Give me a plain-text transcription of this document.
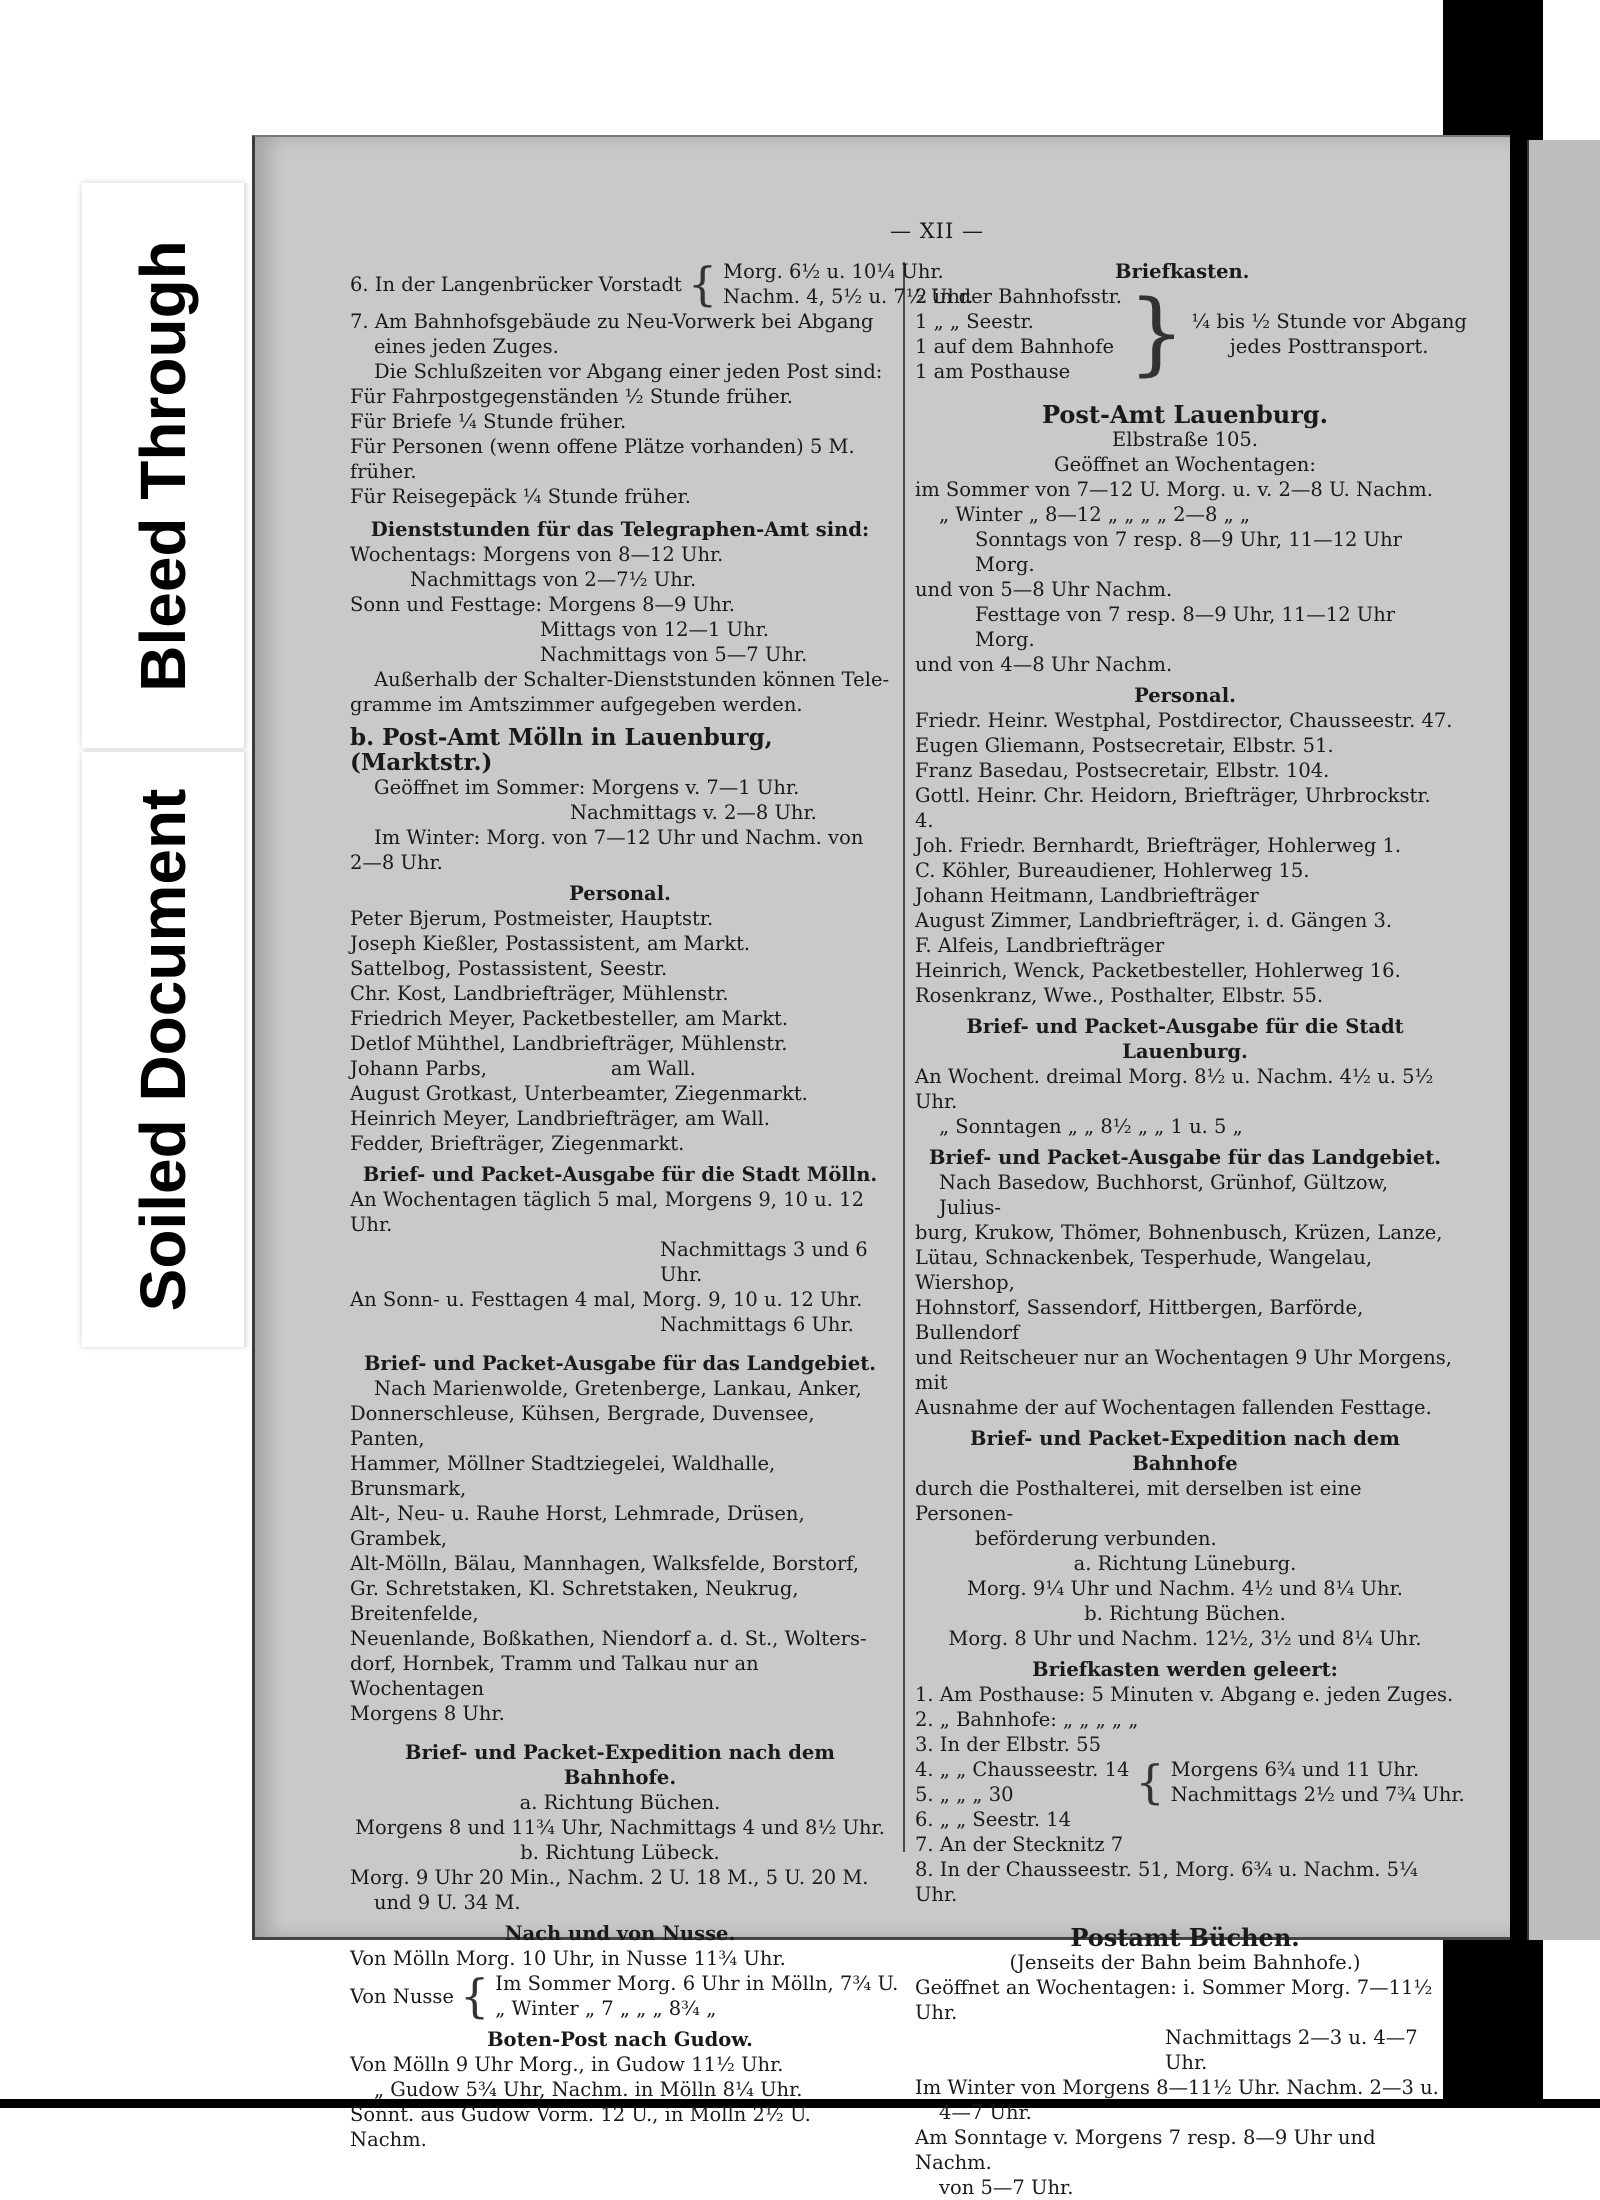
Bleed Through
Soiled Document
— XII —
6. In der Langenbrücker Vorstadt { Morg. 6½ u. 10¼ Uhr.
Nachm. 4, 5½ u. 7½ Uhr.

7. Am Bahnhofsgebäude zu Neu-Vorwerk bei Abgang

eines jeden Zuges.

Die Schlußzeiten vor Abgang einer jeden Post sind:

Für Fahrpostgegenständen ½ Stunde früher.

Für Briefe ¼ Stunde früher.

Für Personen (wenn offene Plätze vorhanden) 5 M. früher.

Für Reisegepäck ¼ Stunde früher.

Dienststunden für das Telegraphen-Amt sind:

Wochentags: Morgens von 8—12 Uhr.

Nachmittags von 2—7½ Uhr.

Sonn und Festtage: Morgens 8—9 Uhr.

Mittags von 12—1 Uhr.

Nachmittags von 5—7 Uhr.

Außerhalb der Schalter-Dienststunden können Tele-

gramme im Amtszimmer aufgegeben werden.

b. Post-Amt Mölln in Lauenburg, (Marktstr.)

Geöffnet im Sommer: Morgens v. 7—1 Uhr.

Nachmittags v. 2—8 Uhr.

Im Winter: Morg. von 7—12 Uhr und Nachm. von

2—8 Uhr.

Personal.

Peter Bjerum, Postmeister, Hauptstr.

Joseph Kießler, Postassistent, am Markt.

Sattelbog, Postassistent, Seestr.

Chr. Kost, Landbriefträger, Mühlenstr.

Friedrich Meyer, Packetbesteller, am Markt.

Detlof Mühthel, Landbriefträger, Mühlenstr.

Johann Parbs,                    am Wall.

August Grotkast, Unterbeamter, Ziegenmarkt.

Heinrich Meyer, Landbriefträger, am Wall.

Fedder, Briefträger, Ziegenmarkt.

Brief- und Packet-Ausgabe für die Stadt Mölln.

An Wochentagen täglich 5 mal, Morgens 9, 10 u. 12 Uhr.

Nachmittags 3 und 6 Uhr.

An Sonn- u. Festtagen 4 mal, Morg. 9, 10 u. 12 Uhr.

Nachmittags 6 Uhr.

Brief- und Packet-Ausgabe für das Landgebiet.

Nach Marienwolde, Gretenberge, Lankau, Anker,

Donnerschleuse, Kühsen, Bergrade, Duvensee, Panten,

Hammer, Möllner Stadtziegelei, Waldhalle, Brunsmark,

Alt-, Neu- u. Rauhe Horst, Lehmrade, Drüsen, Grambek,

Alt-Mölln, Bälau, Mannhagen, Walksfelde, Borstorf,

Gr. Schretstaken, Kl. Schretstaken, Neukrug, Breitenfelde,

Neuenlande, Boßkathen, Niendorf a. d. St., Wolters-

dorf, Hornbek, Tramm und Talkau nur an Wochentagen

Morgens 8 Uhr.

Brief- und Packet-Expedition nach dem Bahnhofe.

a. Richtung Büchen.

Morgens 8 und 11¾ Uhr, Nachmittags 4 und 8½ Uhr.

b. Richtung Lübeck.

Morg. 9 Uhr 20 Min., Nachm. 2 U. 18 M., 5 U. 20 M.

und 9 U. 34 M.

Nach und von Nusse.

Von Mölln Morg. 10 Uhr, in Nusse 11¾ Uhr.

Von Nusse { Im Sommer Morg. 6 Uhr in Mölln, 7¾ U.
„ Winter „ 7 „ „ „ 8¾ „

Boten-Post nach Gudow.

Von Mölln 9 Uhr Morg., in Gudow 11½ Uhr.

„ Gudow 5¾ Uhr, Nachm. in Mölln 8¼ Uhr.

Sonnt. aus Gudow Vorm. 12 U., in Mölln 2½ U. Nachm.

Briefkasten.

2 in der Bahnhofsstr.
1 „ „ Seestr.
1 auf dem Bahnhofe
1 am Posthause } ¼ bis ½ Stunde vor Abgang
jedes Posttransport.

Post-Amt Lauenburg.

Elbstraße 105.

Geöffnet an Wochentagen:

im Sommer von 7—12 U. Morg. u. v. 2—8 U. Nachm.

„ Winter „ 8—12 „ „ „ „ 2—8 „ „

Sonntags von 7 resp. 8—9 Uhr, 11—12 Uhr Morg.

und von 5—8 Uhr Nachm.

Festtage von 7 resp. 8—9 Uhr, 11—12 Uhr Morg.

und von 4—8 Uhr Nachm.

Personal.

Friedr. Heinr. Westphal, Postdirector, Chausseestr. 47.

Eugen Gliemann, Postsecretair, Elbstr. 51.

Franz Basedau, Postsecretair, Elbstr. 104.

Gottl. Heinr. Chr. Heidorn, Briefträger, Uhrbrockstr. 4.

Joh. Friedr. Bernhardt, Briefträger, Hohlerweg 1.

C. Köhler, Bureaudiener, Hohlerweg 15.

Johann Heitmann, Landbriefträger

August Zimmer, Landbriefträger, i. d. Gängen 3.

F. Alfeis, Landbriefträger

Heinrich, Wenck, Packetbesteller, Hohlerweg 16.

Rosenkranz, Wwe., Posthalter, Elbstr. 55.

Brief- und Packet-Ausgabe für die Stadt Lauenburg.

An Wochent. dreimal Morg. 8½ u. Nachm. 4½ u. 5½ Uhr.

„ Sonntagen „ „ 8½ „ „ 1 u. 5 „

Brief- und Packet-Ausgabe für das Landgebiet.

Nach Basedow, Buchhorst, Grünhof, Gültzow, Julius-

burg, Krukow, Thömer, Bohnenbusch, Krüzen, Lanze,

Lütau, Schnackenbek, Tesperhude, Wangelau, Wiershop,

Hohnstorf, Sassendorf, Hittbergen, Barförde, Bullendorf

und Reitscheuer nur an Wochentagen 9 Uhr Morgens, mit

Ausnahme der auf Wochentagen fallenden Festtage.

Brief- und Packet-Expedition nach dem Bahnhofe

durch die Posthalterei, mit derselben ist eine Personen-

beförderung verbunden.

a. Richtung Lüneburg.

Morg. 9¼ Uhr und Nachm. 4½ und 8¼ Uhr.

b. Richtung Büchen.

Morg. 8 Uhr und Nachm. 12½, 3½ und 8¼ Uhr.

Briefkasten werden geleert:

1. Am Posthause: 5 Minuten v. Abgang e. jeden Zuges.

2. „ Bahnhofe: „ „ „ „ „

3. In der Elbstr. 55

4. „ „ Chausseestr. 14
5. „ „ „ 30	{ Morgens 6¾ und 11 Uhr.
Nachmittags 2½ und 7¾ Uhr.

6. „ „ Seestr. 14

7. An der Stecknitz 7

8. In der Chausseestr. 51, Morg. 6¾ u. Nachm. 5¼ Uhr.

Postamt Büchen.

(Jenseits der Bahn beim Bahnhofe.)

Geöffnet an Wochentagen: i. Sommer Morg. 7—11½ Uhr.

Nachmittags 2—3 u. 4—7 Uhr.

Im Winter von Morgens 8—11½ Uhr. Nachm. 2—3 u.

4—7 Uhr.

Am Sonntage v. Morgens 7 resp. 8—9 Uhr und Nachm.

von 5—7 Uhr.
